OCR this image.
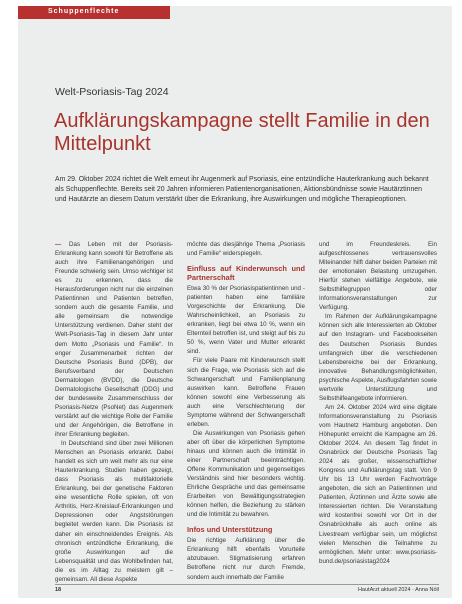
Schuppenflechte
Welt-Psoriasis-Tag 2024
Aufklärungskampagne stellt Familie in den Mittelpunkt

Am 29. Oktober 2024 richtet die Welt erneut ihr Augenmerk auf Psoriasis, eine entzündliche Hauterkrankung auch bekannt als Schuppenflechte. Bereits seit 20 Jahren informieren Patientenorganisationen, Aktionsbündnisse sowie Hautärztinnen und Hautärzte an diesem Datum verstärkt über die Erkrankung, ihre Auswirkungen und mögliche Therapieoptionen.

— Das Leben mit der Psoriasis-Erkrankung kann sowohl für Betroffene als auch ihre Familienangehörigen und Freunde schwierig sein. Umso wichtiger ist es zu erkennen, dass die Herausforderungen nicht nur die einzelnen Patientinnen und Patienten betreffen, sondern auch die gesamte Familie, und alle gemeinsam die notwendige Unterstützung verdienen. Daher steht der Welt-Psoriasis-Tag in diesem Jahr unter dem Motto „Psoriasis und Familie“. In enger Zusammenarbeit richten der Deutsche Psoriasis Bund (DPB), der Berufsverband der Deutschen Dermatologen (BVDD), die Deutsche Dermatologische Gesellschaft (DDG) und der bundesweite Zusammenschluss der Psoriasis-Netze (PsoNet) das Augenmerk verstärkt auf die wichtige Rolle der Familie und der Angehörigen, die Betroffene in ihrer Erkrankung begleiten.

In Deutschland sind über zwei Millionen Menschen an Psoriasis erkrankt. Dabei handelt es sich um weit mehr als nur eine Hauterkrankung. Studien haben gezeigt, dass Psoriasis als multifaktorielle Erkrankung, bei der genetische Faktoren eine wesentliche Rolle spielen, oft von Arthritis, Herz-Kreislauf-Erkrankungen und Depressionen oder Angststörungen begleitet werden kann. Die Psoriasis ist daher ein einschneidendes Ereignis. Als chronisch entzündliche Erkrankung, die große Auswirkungen auf die Lebensqualität und das Wohlbefinden hat, die es im Alltag zu meistern gilt – gemeinsam. All diese Aspekte

möchte das diesjährige Thema „Psoriasis und Familie“ widerspiegeln.

Einfluss auf Kinderwunsch und Partnerschaft

Etwa 30 % der Psoriasispatientinnen und -patienten haben eine familiäre Vorgeschichte der Erkrankung. Die Wahrscheinlichkeit, an Psoriasis zu erkranken, liegt bei etwa 10 %, wenn ein Elternteil betroffen ist, und steigt auf bis zu 50 %, wenn Vater und Mutter erkrankt sind.

Für viele Paare mit Kinderwunsch stellt sich die Frage, wie Psoriasis sich auf die Schwangerschaft und Familienplanung auswirken kann. Betroffene Frauen können sowohl eine Verbesserung als auch eine Verschlechterung der Symptome während der Schwangerschaft erleben.

Die Auswirkungen von Psoriasis gehen aber oft über die körperlichen Symptome hinaus und können auch die Intimität in einer Partnerschaft beeinträchtigen. Offene Kommunikation und gegenseitiges Verständnis sind hier besonders wichtig. Ehrliche Gespräche und das gemeinsame Erarbeiten von Bewältigungsstrategien können helfen, die Beziehung zu stärken und die Intimität zu bewahren.

Infos und Unterstützung

Die richtige Aufklärung über die Erkrankung hilft ebenfalls Vorurteile abzubauen. Stigmatisierung erfahren Betroffene nicht nur durch Fremde, sondern auch innerhalb der Familie

und im Freundeskreis. Ein aufgeschlossenes vertrauensvolles Miteinander hilft daher beiden Parteien mit der emotionalen Belastung umzugehen. Hierfür stehen vielfältige Angebote, wie Selbsthilfegruppen oder Informationsveranstaltungen zur Verfügung.

Im Rahmen der Aufklärungskampagne können sich alle Interessierten ab Oktober auf den Instagram- und Facebookseiten des Deutschen Psoriasis Bundes umfangreich über die verschiedenen Lebensbereiche bei der Erkrankung, innovative Behandlungsmöglichkeiten, psychische Aspekte, Ausflugsfahrten sowie wertvolle Unterstützung und Selbsthilfeangebote informieren.

Am 24. Oktober 2024 wird eine digitale Informationsveranstaltung zu Psoriasis vom Hautnetz Hamburg angeboten. Den Höhepunkt erreicht die Kampagne am 26. Oktober 2024. An diesem Tag findet in Osnabrück der Deutsche Psoriasis Tag 2024 als großer, wissenschaftlicher Kongress und Aufklärungstag statt. Von 9 Uhr bis 13 Uhr werden Fachvorträge angeboten, die sich an Patientinnen und Patienten, Ärztinnen und Ärzte sowie alle Interessierten richten. Die Veranstaltung wird kostenfrei sowohl vor Ort in der Osnabrückhalle als auch online als Livestream verfügbar sein, um möglichst vielen Menschen die Teilnahme zu ermöglichen. Mehr unter: www.psoriasis-bund.de/psoriasistag2024

18	HautArzt aktuell 2024 · Anna Nöll
